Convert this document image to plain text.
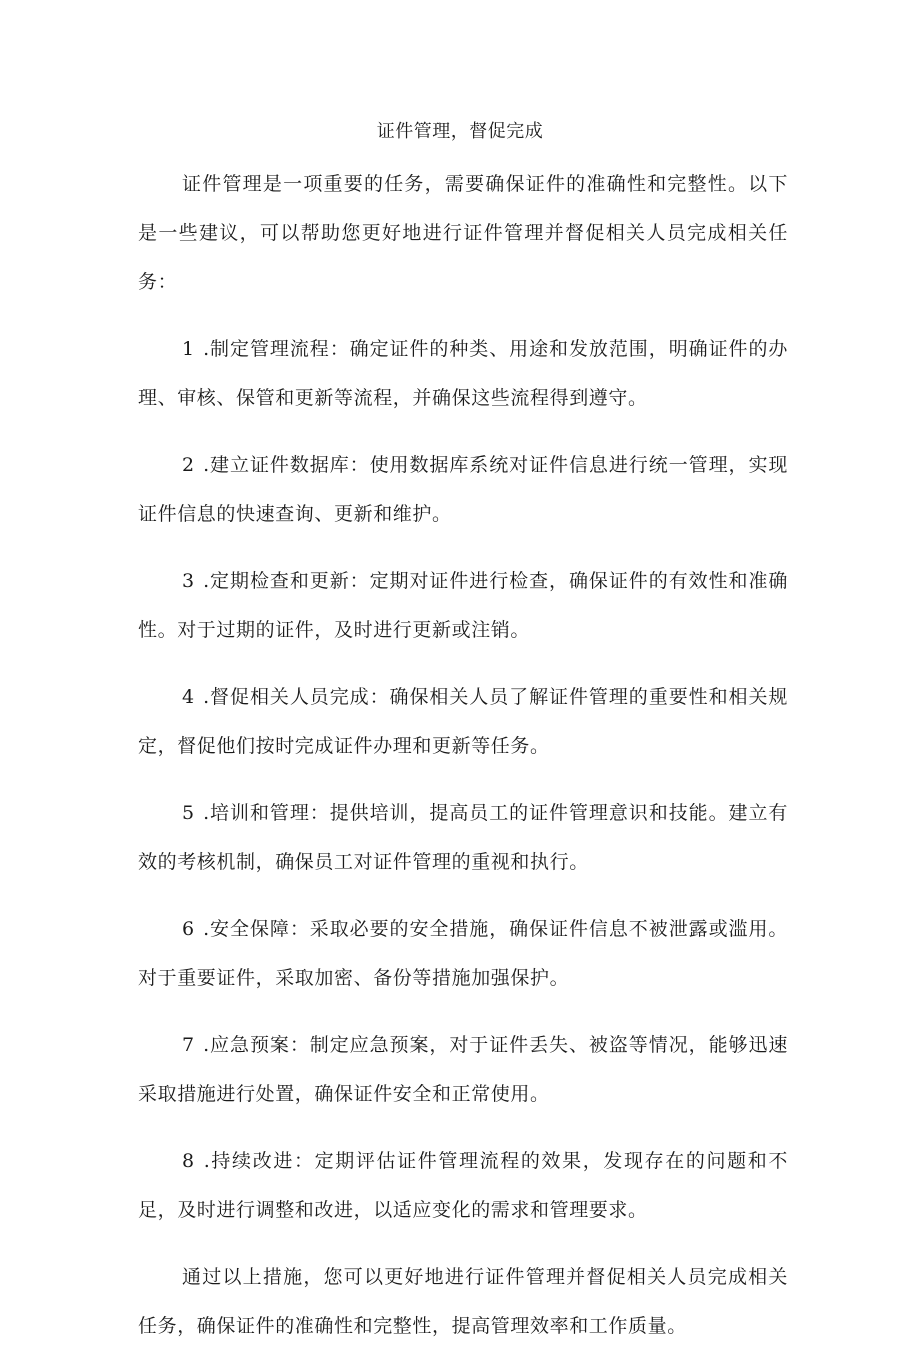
证件管理，督促完成

证件管理是一项重要的任务，需要确保证件的准确性和完整性。以下是一些建议，可以帮助您更好地进行证件管理并督促相关人员完成相关任务：

1 .制定管理流程：确定证件的种类、用途和发放范围，明确证件的办理、审核、保管和更新等流程，并确保这些流程得到遵守。

2 .建立证件数据库：使用数据库系统对证件信息进行统一管理，实现证件信息的快速查询、更新和维护。

3 .定期检查和更新：定期对证件进行检查，确保证件的有效性和准确性。对于过期的证件，及时进行更新或注销。

4 .督促相关人员完成：确保相关人员了解证件管理的重要性和相关规定，督促他们按时完成证件办理和更新等任务。

5 .培训和管理：提供培训，提高员工的证件管理意识和技能。建立有效的考核机制，确保员工对证件管理的重视和执行。

6 .安全保障：采取必要的安全措施，确保证件信息不被泄露或滥用。对于重要证件，采取加密、备份等措施加强保护。

7 .应急预案：制定应急预案，对于证件丢失、被盗等情况，能够迅速采取措施进行处置，确保证件安全和正常使用。

8 .持续改进：定期评估证件管理流程的效果，发现存在的问题和不足，及时进行调整和改进，以适应变化的需求和管理要求。

通过以上措施，您可以更好地进行证件管理并督促相关人员完成相关任务，确保证件的准确性和完整性，提高管理效率和工作质量。
